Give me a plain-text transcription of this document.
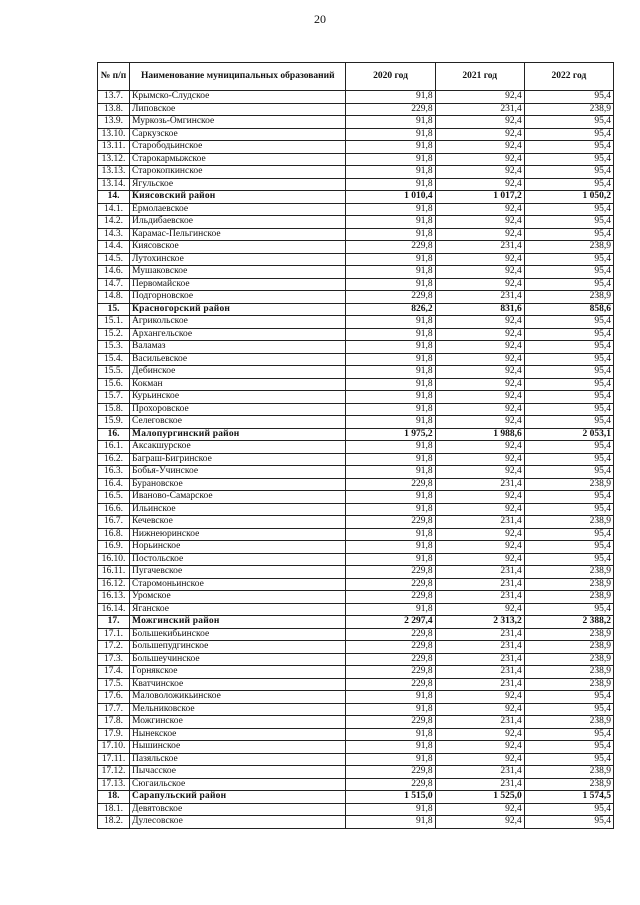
20
№ п/п	Наименование муниципальных образований	2020 год	2021 год	2022 год
13.7.	Крымско-Слудское	91,8	92,4	95,4
13.8.	Липовское	229,8	231,4	238,9
13.9.	Муркозь-Омгинское	91,8	92,4	95,4
13.10.	Саркузское	91,8	92,4	95,4
13.11.	Старободьинское	91,8	92,4	95,4
13.12.	Старокармыжское	91,8	92,4	95,4
13.13.	Старокопкинское	91,8	92,4	95,4
13.14.	Ягульское	91,8	92,4	95,4
14.	Киясовский район	1 010,4	1 017,2	1 050,2
14.1.	Ермолаевское	91,8	92,4	95,4
14.2.	Ильдибаевское	91,8	92,4	95,4
14.3.	Карамас-Пельгинское	91,8	92,4	95,4
14.4.	Киясовское	229,8	231,4	238,9
14.5.	Лутохинское	91,8	92,4	95,4
14.6.	Мушаковское	91,8	92,4	95,4
14.7.	Первомайское	91,8	92,4	95,4
14.8.	Подгорновское	229,8	231,4	238,9
15.	Красногорский район	826,2	831,6	858,6
15.1.	Агрикольское	91,8	92,4	95,4
15.2.	Архангельское	91,8	92,4	95,4
15.3.	Валамаз	91,8	92,4	95,4
15.4.	Васильевское	91,8	92,4	95,4
15.5.	Дебинское	91,8	92,4	95,4
15.6.	Кокман	91,8	92,4	95,4
15.7.	Курьинское	91,8	92,4	95,4
15.8.	Прохоровское	91,8	92,4	95,4
15.9.	Селеговское	91,8	92,4	95,4
16.	Малопургинский район	1 975,2	1 988,6	2 053,1
16.1.	Аксакшурское	91,8	92,4	95,4
16.2.	Баграш-Бигринское	91,8	92,4	95,4
16.3.	Бобья-Учинское	91,8	92,4	95,4
16.4.	Бурановское	229,8	231,4	238,9
16.5.	Иваново-Самарское	91,8	92,4	95,4
16.6.	Ильинское	91,8	92,4	95,4
16.7.	Кечевское	229,8	231,4	238,9
16.8.	Нижнеюринское	91,8	92,4	95,4
16.9.	Норьинское	91,8	92,4	95,4
16.10.	Постольское	91,8	92,4	95,4
16.11.	Пугачевское	229,8	231,4	238,9
16.12.	Старомоньинское	229,8	231,4	238,9
16.13.	Уромское	229,8	231,4	238,9
16.14.	Яганское	91,8	92,4	95,4
17.	Можгинский район	2 297,4	2 313,2	2 388,2
17.1.	Большекибьинское	229,8	231,4	238,9
17.2.	Большепудгинское	229,8	231,4	238,9
17.3.	Большеучинское	229,8	231,4	238,9
17.4.	Горнякское	229,8	231,4	238,9
17.5.	Кватчинское	229,8	231,4	238,9
17.6.	Маловоложикьинское	91,8	92,4	95,4
17.7.	Мельниковское	91,8	92,4	95,4
17.8.	Можгинское	229,8	231,4	238,9
17.9.	Нынекское	91,8	92,4	95,4
17.10.	Нышинское	91,8	92,4	95,4
17.11.	Пазяльское	91,8	92,4	95,4
17.12.	Пычасское	229,8	231,4	238,9
17.13.	Сюгаильское	229,8	231,4	238,9
18.	Сарапульский район	1 515,0	1 525,0	1 574,5
18.1.	Девятовское	91,8	92,4	95,4
18.2.	Дулесовское	91,8	92,4	95,4
